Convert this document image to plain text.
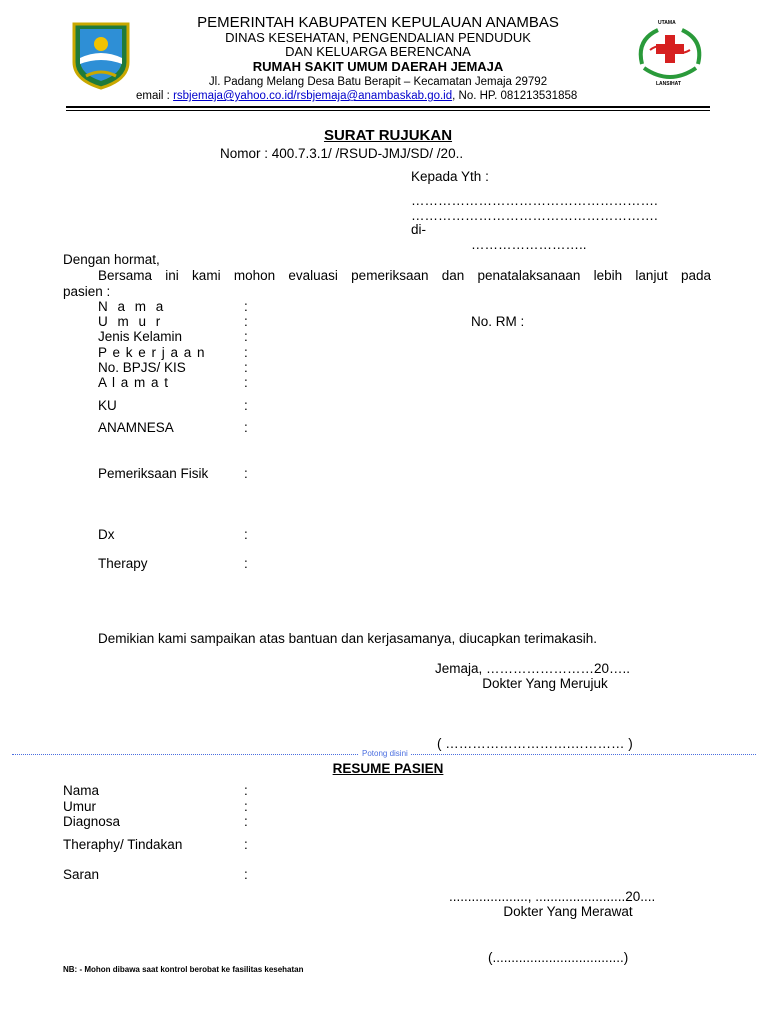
UTAMA
LANSIHAT
PEMERINTAH KABUPATEN KEPULAUAN ANAMBAS
DINAS KESEHATAN, PENGENDALIAN PENDUDUK
DAN KELUARGA BERENCANA
RUMAH SAKIT UMUM DAERAH JEMAJA
Jl. Padang Melang Desa Batu Berapit – Kecamatan Jemaja 29792
email : rsbjemaja@yahoo.co.id/rsbjemaja@anambaskab.go.id, No. HP. 081213531858
SURAT RUJUKAN
Nomor : 400.7.3.1/ /RSUD-JMJ/SD/ /20..
Kepada Yth :
……………………………………………….
……………………………………………….
di-
……………………..
Dengan hormat,
Bersama ini kami mohon evaluasi pemeriksaan dan penatalaksanaan lebih lanjut pada
pasien :
N a m a	:
U m u r	:	No. RM :
Jenis Kelamin	:
P e k e r j a a n	:
No. BPJS/ KIS	:
A l a m a t	:
KU	:
ANAMNESA	:
Pemeriksaan Fisik	:
Dx	:
Therapy	:
Demikian kami sampaikan atas bantuan dan kerjasamanya, diucapkan terimakasih.
Jemaja, ……………………20…..
Dokter Yang Merujuk
( ……………………….………… )
Potong disini
RESUME PASIEN
Nama	:
Umur	:
Diagnosa	:
Theraphy/ Tindakan	:
Saran	:
....................., ........................20....
Dokter Yang Merawat
(...................................)
NB: - Mohon dibawa saat kontrol berobat ke fasilitas kesehatan
